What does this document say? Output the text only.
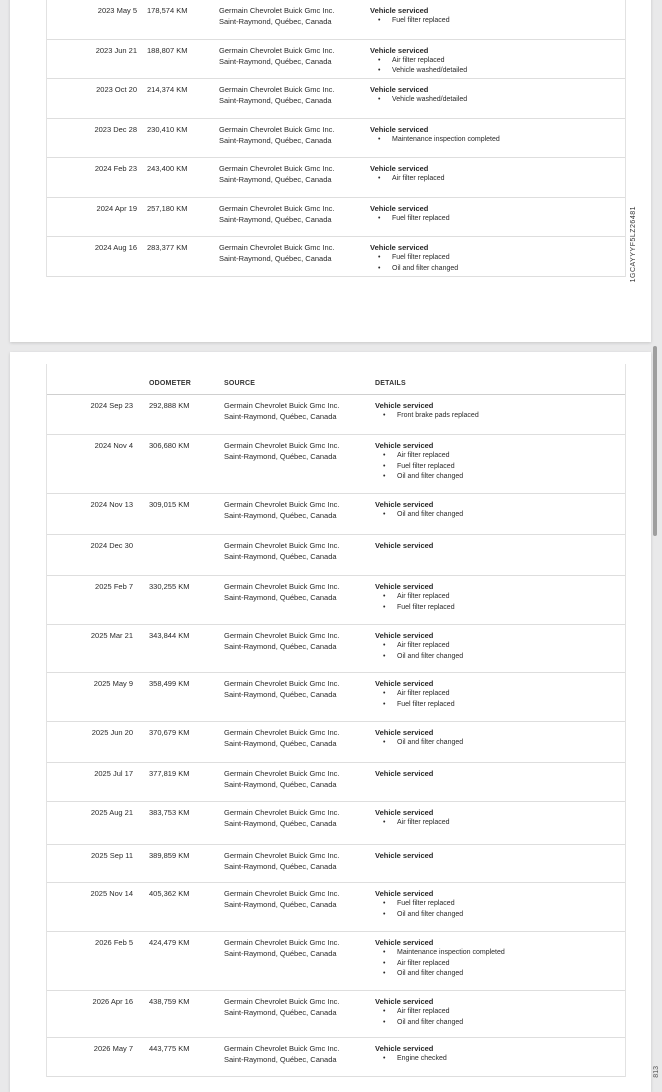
2023 May 5 178,574 KM	Germain Chevrolet Buick Gmc Inc.
Saint-Raymond, Québec, Canada
Vehicle serviced
• Fuel filter replaced
2023 Jun 21 188,807 KM	Germain Chevrolet Buick Gmc Inc.
Saint-Raymond, Québec, Canada
Vehicle serviced
• Air filter replaced
• Vehicle washed/detailed
2023 Oct 20 214,374 KM	Germain Chevrolet Buick Gmc Inc.
Saint-Raymond, Québec, Canada
Vehicle serviced
• Vehicle washed/detailed
2023 Dec 28 230,410 KM	Germain Chevrolet Buick Gmc Inc.
Saint-Raymond, Québec, Canada
Vehicle serviced
• Maintenance inspection completed
2024 Feb 23 243,400 KM	Germain Chevrolet Buick Gmc Inc.
Saint-Raymond, Québec, Canada
Vehicle serviced
• Air filter replaced
2024 Apr 19 257,180 KM	Germain Chevrolet Buick Gmc Inc.
Saint-Raymond, Québec, Canada
Vehicle serviced
• Fuel filter replaced
2024 Aug 16 283,377 KM	Germain Chevrolet Buick Gmc Inc.
Saint-Raymond, Québec, Canada
Vehicle serviced
• Fuel filter replaced
• Oil and filter changed	1GCAYYYF5LZ26481
ODOMETER	SOURCE	DETAILS
2024 Sep 23 292,888 KM	Germain Chevrolet Buick Gmc Inc.
Saint-Raymond, Québec, Canada
Vehicle serviced
• Front brake pads replaced
2024 Nov 4 306,680 KM	Germain Chevrolet Buick Gmc Inc.
Saint-Raymond, Québec, Canada
Vehicle serviced
• Air filter replaced
• Fuel filter replaced
• Oil and filter changed
2024 Nov 13 309,015 KM	Germain Chevrolet Buick Gmc Inc.
Saint-Raymond, Québec, Canada
Vehicle serviced
• Oil and filter changed
2024 Dec 30	Germain Chevrolet Buick Gmc Inc.
Saint-Raymond, Québec, Canada
Vehicle serviced
2025 Feb 7 330,255 KM	Germain Chevrolet Buick Gmc Inc.
Saint-Raymond, Québec, Canada
Vehicle serviced
• Air filter replaced
• Fuel filter replaced
2025 Mar 21 343,844 KM	Germain Chevrolet Buick Gmc Inc.
Saint-Raymond, Québec, Canada
Vehicle serviced
• Air filter replaced
• Oil and filter changed
2025 May 9 358,499 KM	Germain Chevrolet Buick Gmc Inc.
Saint-Raymond, Québec, Canada
Vehicle serviced
• Air filter replaced
• Fuel filter replaced
2025 Jun 20 370,679 KM	Germain Chevrolet Buick Gmc Inc.
Saint-Raymond, Québec, Canada
Vehicle serviced
• Oil and filter changed
2025 Jul 17 377,819 KM	Germain Chevrolet Buick Gmc Inc.
Saint-Raymond, Québec, Canada
Vehicle serviced
2025 Aug 21 383,753 KM	Germain Chevrolet Buick Gmc Inc.
Saint-Raymond, Québec, Canada
Vehicle serviced
• Air filter replaced
2025 Sep 11 389,859 KM	Germain Chevrolet Buick Gmc Inc.
Saint-Raymond, Québec, Canada
Vehicle serviced
2025 Nov 14 405,362 KM	Germain Chevrolet Buick Gmc Inc.
Saint-Raymond, Québec, Canada
Vehicle serviced
• Fuel filter replaced
• Oil and filter changed
2026 Feb 5 424,479 KM	Germain Chevrolet Buick Gmc Inc.
Saint-Raymond, Québec, Canada
Vehicle serviced
• Maintenance inspection completed
• Air filter replaced
• Oil and filter changed
2026 Apr 16 438,759 KM	Germain Chevrolet Buick Gmc Inc.
Saint-Raymond, Québec, Canada
Vehicle serviced
• Air filter replaced
• Oil and filter changed
2026 May 7 443,775 KM	Germain Chevrolet Buick Gmc Inc.
Saint-Raymond, Québec, Canada
Vehicle serviced
• Engine checked
813
